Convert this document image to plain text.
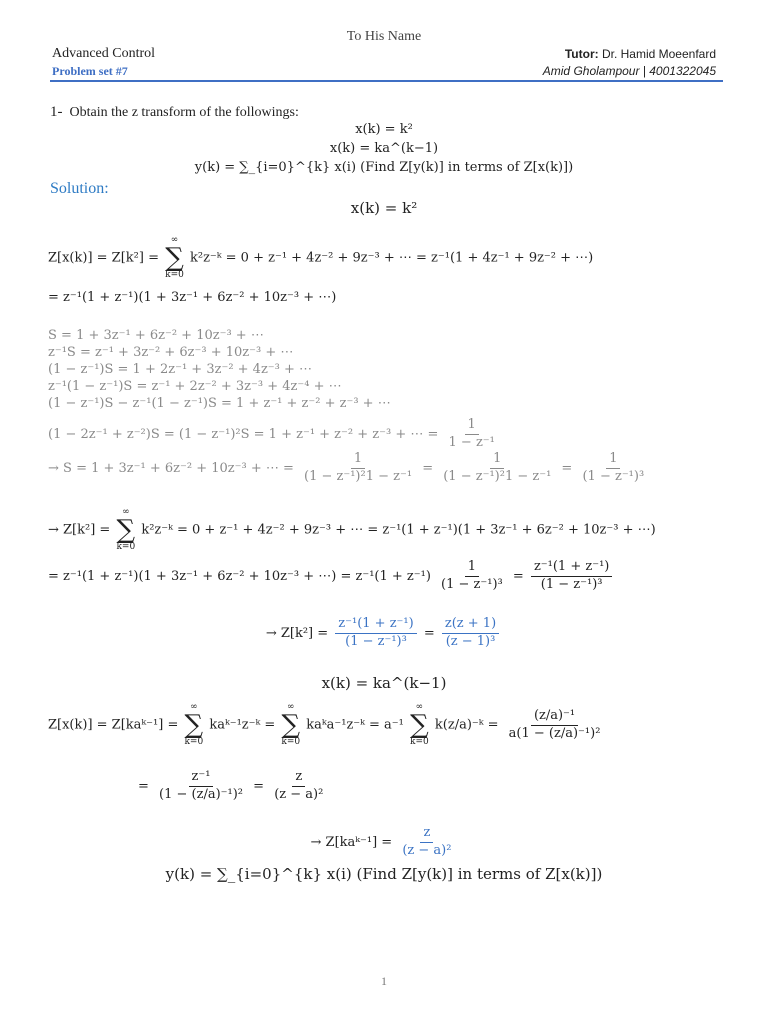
To His Name
Advanced Control
Problem set #7
Tutor: Dr. Hamid Moeenfard
Amid Gholampour | 4001322045
1- Obtain the z transform of the followings:
x(k) = k²
x(k) = ka^(k−1)
y(k) = ∑_{i=0}^{k} x(i) (Find Z[y(k)] in terms of Z[x(k)])
Solution:
x(k) = k²
Z[x(k)] = Z[k²] =
∞
∑
k=0
k²z⁻ᵏ = 0 + z⁻¹ + 4z⁻² + 9z⁻³ + ⋯ = z⁻¹(1 + 4z⁻¹ + 9z⁻² + ⋯)
= z⁻¹(1 + z⁻¹)(1 + 3z⁻¹ + 6z⁻² + 10z⁻³ + ⋯)
S = 1 + 3z⁻¹ + 6z⁻² + 10z⁻³ + ⋯
z⁻¹S = z⁻¹ + 3z⁻² + 6z⁻³ + 10z⁻³ + ⋯
(1 − z⁻¹)S = 1 + 2z⁻¹ + 3z⁻² + 4z⁻³ + ⋯
z⁻¹(1 − z⁻¹)S = z⁻¹ + 2z⁻² + 3z⁻³ + 4z⁻⁴ + ⋯
(1 − z⁻¹)S − z⁻¹(1 − z⁻¹)S = 1 + z⁻¹ + z⁻² + z⁻³ + ⋯
(1 − 2z⁻¹ + z⁻²)S = (1 − z⁻¹)²S = 1 + z⁻¹ + z⁻² + z⁻³ + ⋯ = $\frac{1}{\text{1 − z⁻¹}}$
→ S = 1 + 3z⁻¹ + 6z⁻² + 10z⁻³ + ⋯ = $\frac{1}{\text{(1 − z⁻¹)²1 − z⁻¹}} = \frac{1}{\text{(1 − z⁻¹)²1 − z⁻¹}} = \frac{1}{\text{(1 − z⁻¹)³}}$
→ Z[k²] =
∞
∑
k=0
k²z⁻ᵏ = 0 + z⁻¹ + 4z⁻² + 9z⁻³ + ⋯ = z⁻¹(1 + z⁻¹)(1 + 3z⁻¹ + 6z⁻² + 10z⁻³ + ⋯)
= z⁻¹(1 + z⁻¹)(1 + 3z⁻¹ + 6z⁻² + 10z⁻³ + ⋯) = $z^{-1}(1 + z^{-1}) \frac{1}{\text{(1 − z⁻¹)³}} = \frac{\text{z⁻¹(1 + z⁻¹)}}{\text{(1 − z⁻¹)³}}$
→ $Z[k^2] = \frac{\text{z⁻¹(1 + z⁻¹)}}{\text{(1 − z⁻¹)³}} = \frac{z(z + 1)}{\text{(z − 1)³}}$
x(k) = ka^(k−1)
Z[x(k)] = Z[kaᵏ⁻¹] =
∞
∑
k=0
kaᵏ⁻¹z⁻ᵏ =
∞
∑
k=0
kaᵏa⁻¹z⁻ᵏ = a⁻¹
∞
∑
k=0
k(z/a)⁻ᵏ = $\frac{\text{(z/a)⁻¹}}{\text{a(1 − (z/a)⁻¹)²}}$
= $\frac{\text{z⁻¹}}{\text{(1 − (z/a)⁻¹)²}} = \frac{z}{\text{(z − a)²}}$
→ Z[kaᵏ⁻¹] = $\frac{z}{\text{(z − a)²}}$
y(k) = ∑_{i=0}^{k} x(i) (Find Z[y(k)] in terms of Z[x(k)])
1
